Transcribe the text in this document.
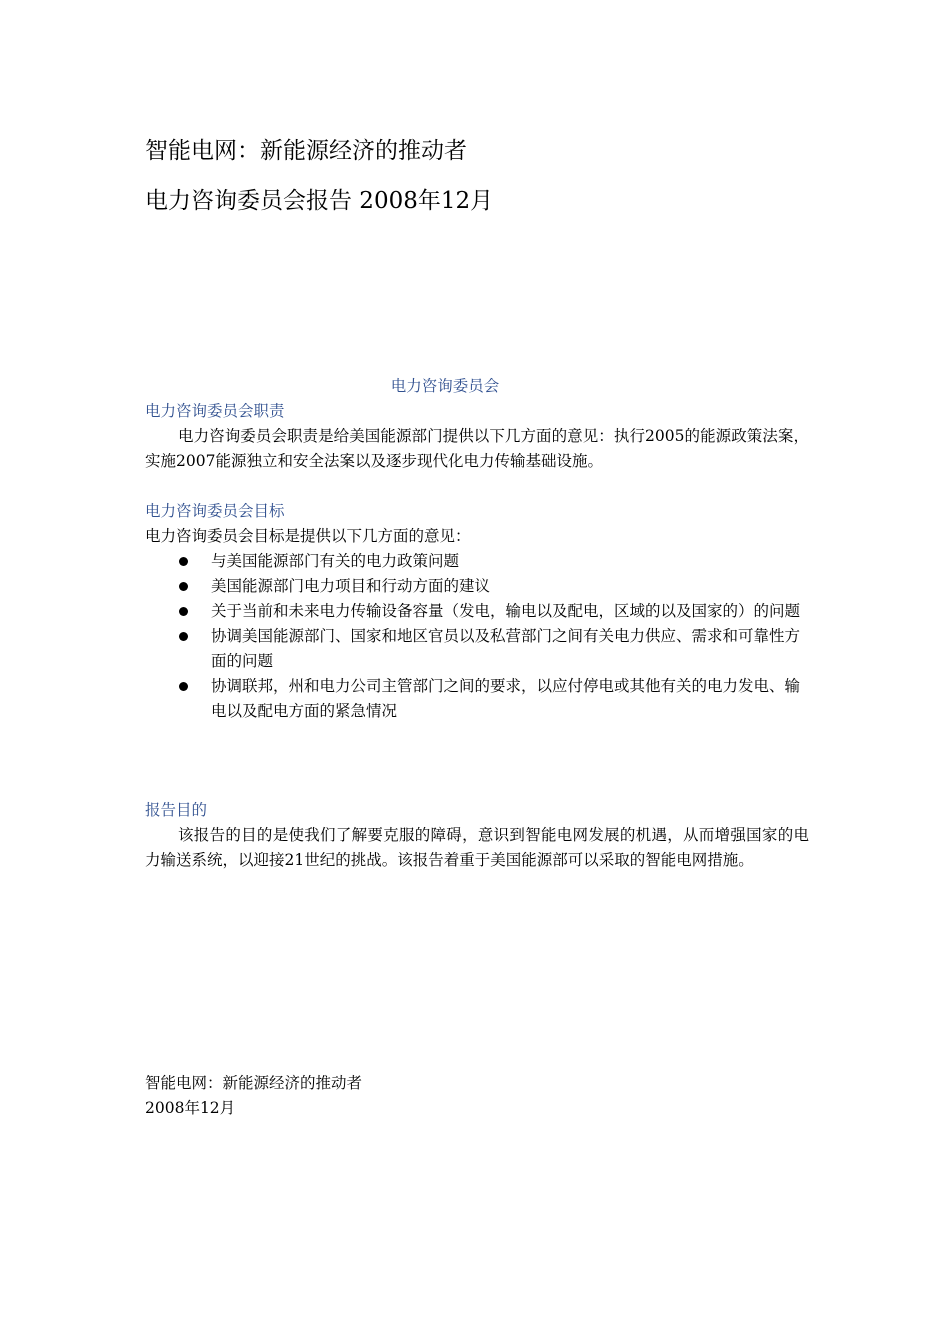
智能电网：新能源经济的推动者
电力咨询委员会报告 2008年12月
电力咨询委员会
电力咨询委员会职责

电力咨询委员会职责是给美国能源部门提供以下几方面的意见：执行2005的能源政策法案，实施2007能源独立和安全法案以及逐步现代化电力传输基础设施。

电力咨询委员会目标

电力咨询委员会目标是提供以下几方面的意见：

与美国能源部门有关的电力政策问题
美国能源部门电力项目和行动方面的建议
关于当前和未来电力传输设备容量（发电，输电以及配电，区域的以及国家的）的问题
协调美国能源部门、国家和地区官员以及私营部门之间有关电力供应、需求和可靠性方面的问题
协调联邦，州和电力公司主管部门之间的要求，以应付停电或其他有关的电力发电、输电以及配电方面的紧急情况
报告目的

该报告的目的是使我们了解要克服的障碍，意识到智能电网发展的机遇，从而增强国家的电力输送系统，以迎接21世纪的挑战。该报告着重于美国能源部可以采取的智能电网措施。

智能电网：新能源经济的推动者
2008年12月
